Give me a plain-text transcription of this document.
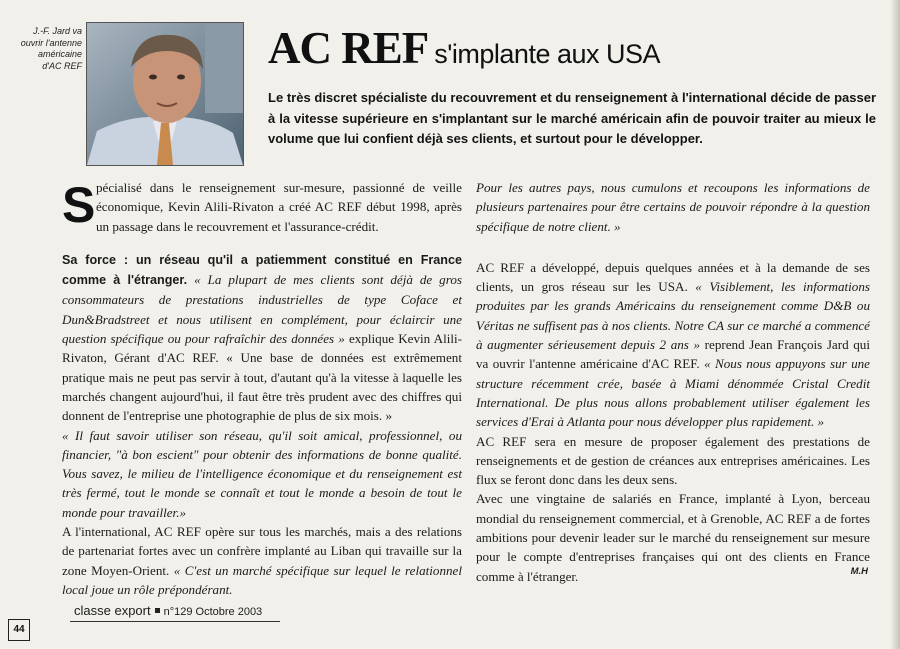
J.-F. Jard va ouvrir l'antenne américaine d'AC REF	AC REF s'implante aux USA
Le très discret spécialiste du recouvrement et du renseignement à l'international décide de passer à la vitesse supérieure en s'implantant sur le marché américain afin de pouvoir traiter au mieux le volume que lui confient déjà ses clients, et surtout pour le développer.

Spécialisé dans le renseignement sur-mesure, passionné de veille économique, Kevin Alili-Rivaton a créé AC REF début 1998, après un passage dans le recouvrement et l'assurance-crédit.

Sa force : un réseau qu'il a patiemment constitué en France comme à l'étranger. « La plupart de mes clients sont déjà de gros consommateurs de prestations industrielles de type Coface et Dun&Bradstreet et nous utilisent en complément, pour éclaircir une question spécifique ou pour rafraîchir des données » explique Kevin Alili-Rivaton, Gérant d'AC REF. « Une base de données est extrêmement pratique mais ne peut pas servir à tout, d'autant qu'à la vitesse à laquelle les marchés changent aujourd'hui, il faut être très prudent avec des chiffres qui donnent de l'entreprise une photographie de plus de six mois. »

« Il faut savoir utiliser son réseau, qu'il soit amical, professionnel, ou financier, "à bon escient" pour obtenir des informations de bonne qualité. Vous savez, le milieu de l'intelligence économique et du renseignement est très fermé, tout le monde se connaît et tout le monde a besoin de tout le monde pour travailler.»

A l'international, AC REF opère sur tous les marchés, mais a des relations de partenariat fortes avec un confrère implanté au Liban qui travaille sur la zone Moyen-Orient. « C'est un marché spécifique sur lequel le relationnel local joue un rôle prépondérant.

Pour les autres pays, nous cumulons et recoupons les informations de plusieurs partenaires pour être certains de pouvoir répondre à la question spécifique de notre client. »

AC REF a développé, depuis quelques années et à la demande de ses clients, un gros réseau sur les USA. « Visiblement, les informations produites par les grands Américains du renseignement comme D&B ou Véritas ne suffisent pas à nos clients. Notre CA sur ce marché a commencé à augmenter sérieusement depuis 2 ans » reprend Jean François Jard qui va ouvrir l'antenne américaine d'AC REF. « Nous nous appuyons sur une structure récemment crée, basée à Miami dénommée Cristal Credit International. De plus nous allons probablement utiliser également les services d'Erai à Atlanta pour nous développer plus rapidement. »

AC REF sera en mesure de proposer également des prestations de renseignements et de gestion de créances aux entreprises américaines. Les flux se feront donc dans les deux sens.

Avec une vingtaine de salariés en France, implanté à Lyon, berceau mondial du renseignement commercial, et à Grenoble, AC REF a de fortes ambitions pour devenir leader sur le marché du renseignement sur mesure pour le compte d'entreprises françaises qui ont des clients en France comme à l'étranger.	M.H
classe export n°129 Octobre 2003
44
